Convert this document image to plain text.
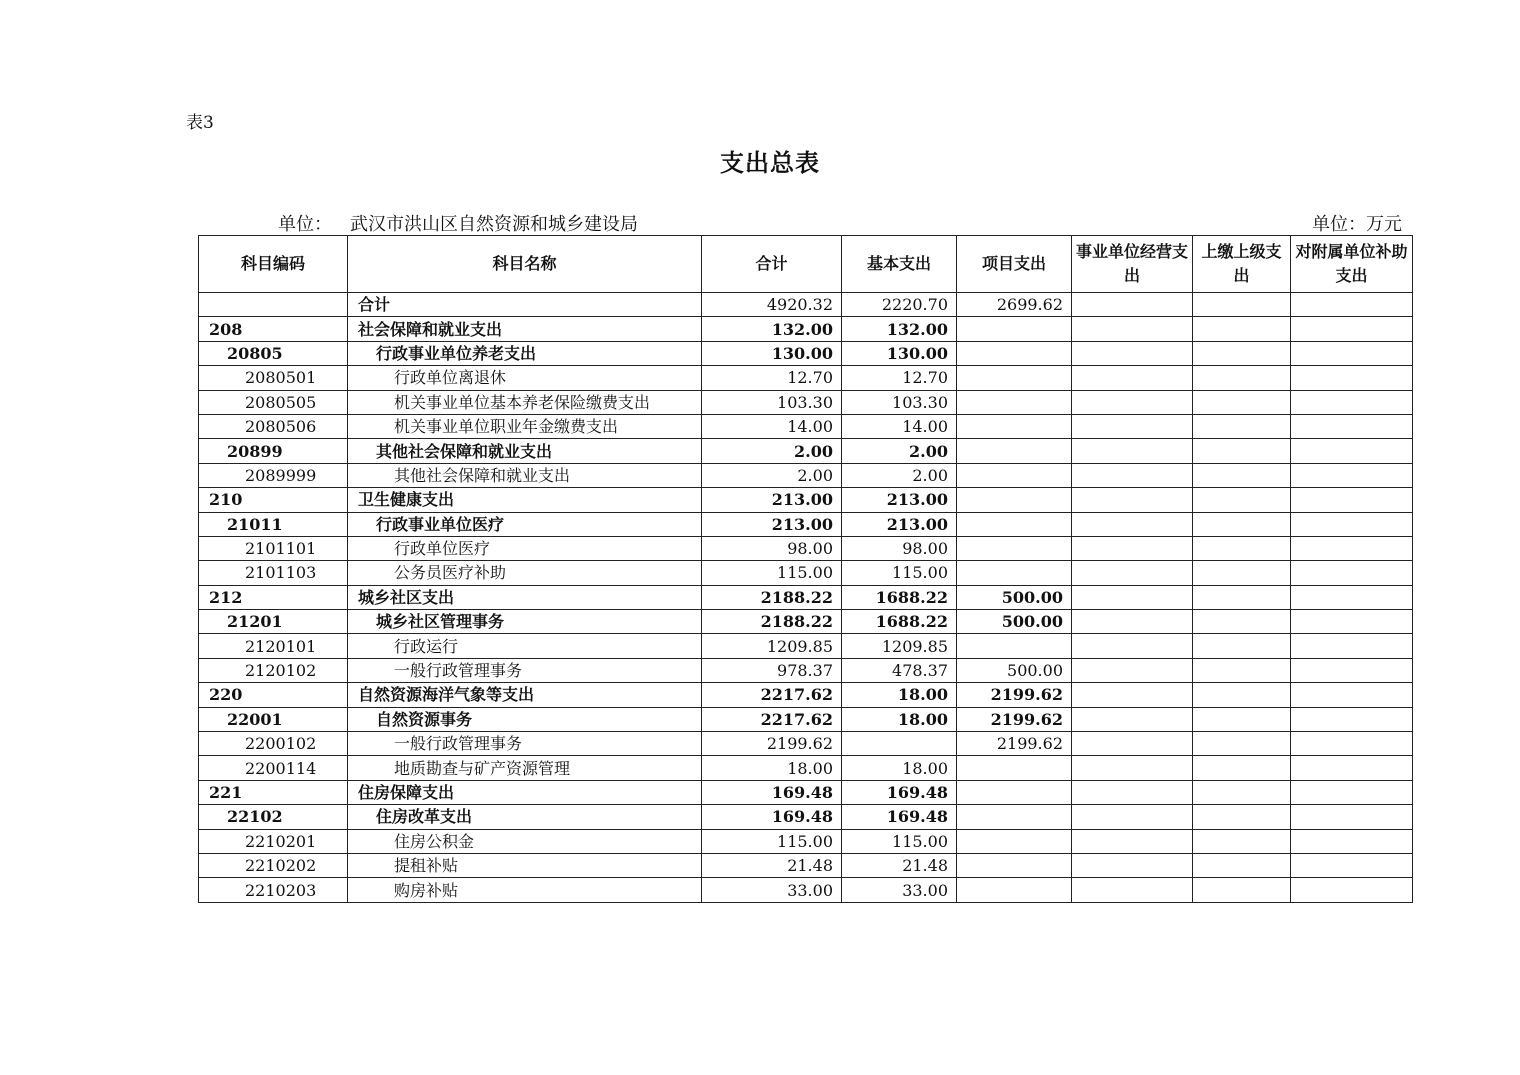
表3
支出总表
单位： 武汉市洪山区自然资源和城乡建设局	单位：万元
科目编码	科目名称	合计	基本支出	项目支出	事业单位经营支出	上缴上级支出	对附属单位补助支出
	合计	4920.32	2220.70	2699.62			
208	社会保障和就业支出	132.00	132.00				
20805	行政事业单位养老支出	130.00	130.00				
2080501	行政单位离退休	12.70	12.70				
2080505	机关事业单位基本养老保险缴费支出	103.30	103.30				
2080506	机关事业单位职业年金缴费支出	14.00	14.00				
20899	其他社会保障和就业支出	2.00	2.00				
2089999	其他社会保障和就业支出	2.00	2.00				
210	卫生健康支出	213.00	213.00				
21011	行政事业单位医疗	213.00	213.00				
2101101	行政单位医疗	98.00	98.00				
2101103	公务员医疗补助	115.00	115.00				
212	城乡社区支出	2188.22	1688.22	500.00			
21201	城乡社区管理事务	2188.22	1688.22	500.00			
2120101	行政运行	1209.85	1209.85				
2120102	一般行政管理事务	978.37	478.37	500.00			
220	自然资源海洋气象等支出	2217.62	18.00	2199.62			
22001	自然资源事务	2217.62	18.00	2199.62			
2200102	一般行政管理事务	2199.62		2199.62			
2200114	地质勘查与矿产资源管理	18.00	18.00				
221	住房保障支出	169.48	169.48				
22102	住房改革支出	169.48	169.48				
2210201	住房公积金	115.00	115.00				
2210202	提租补贴	21.48	21.48				
2210203	购房补贴	33.00	33.00				
